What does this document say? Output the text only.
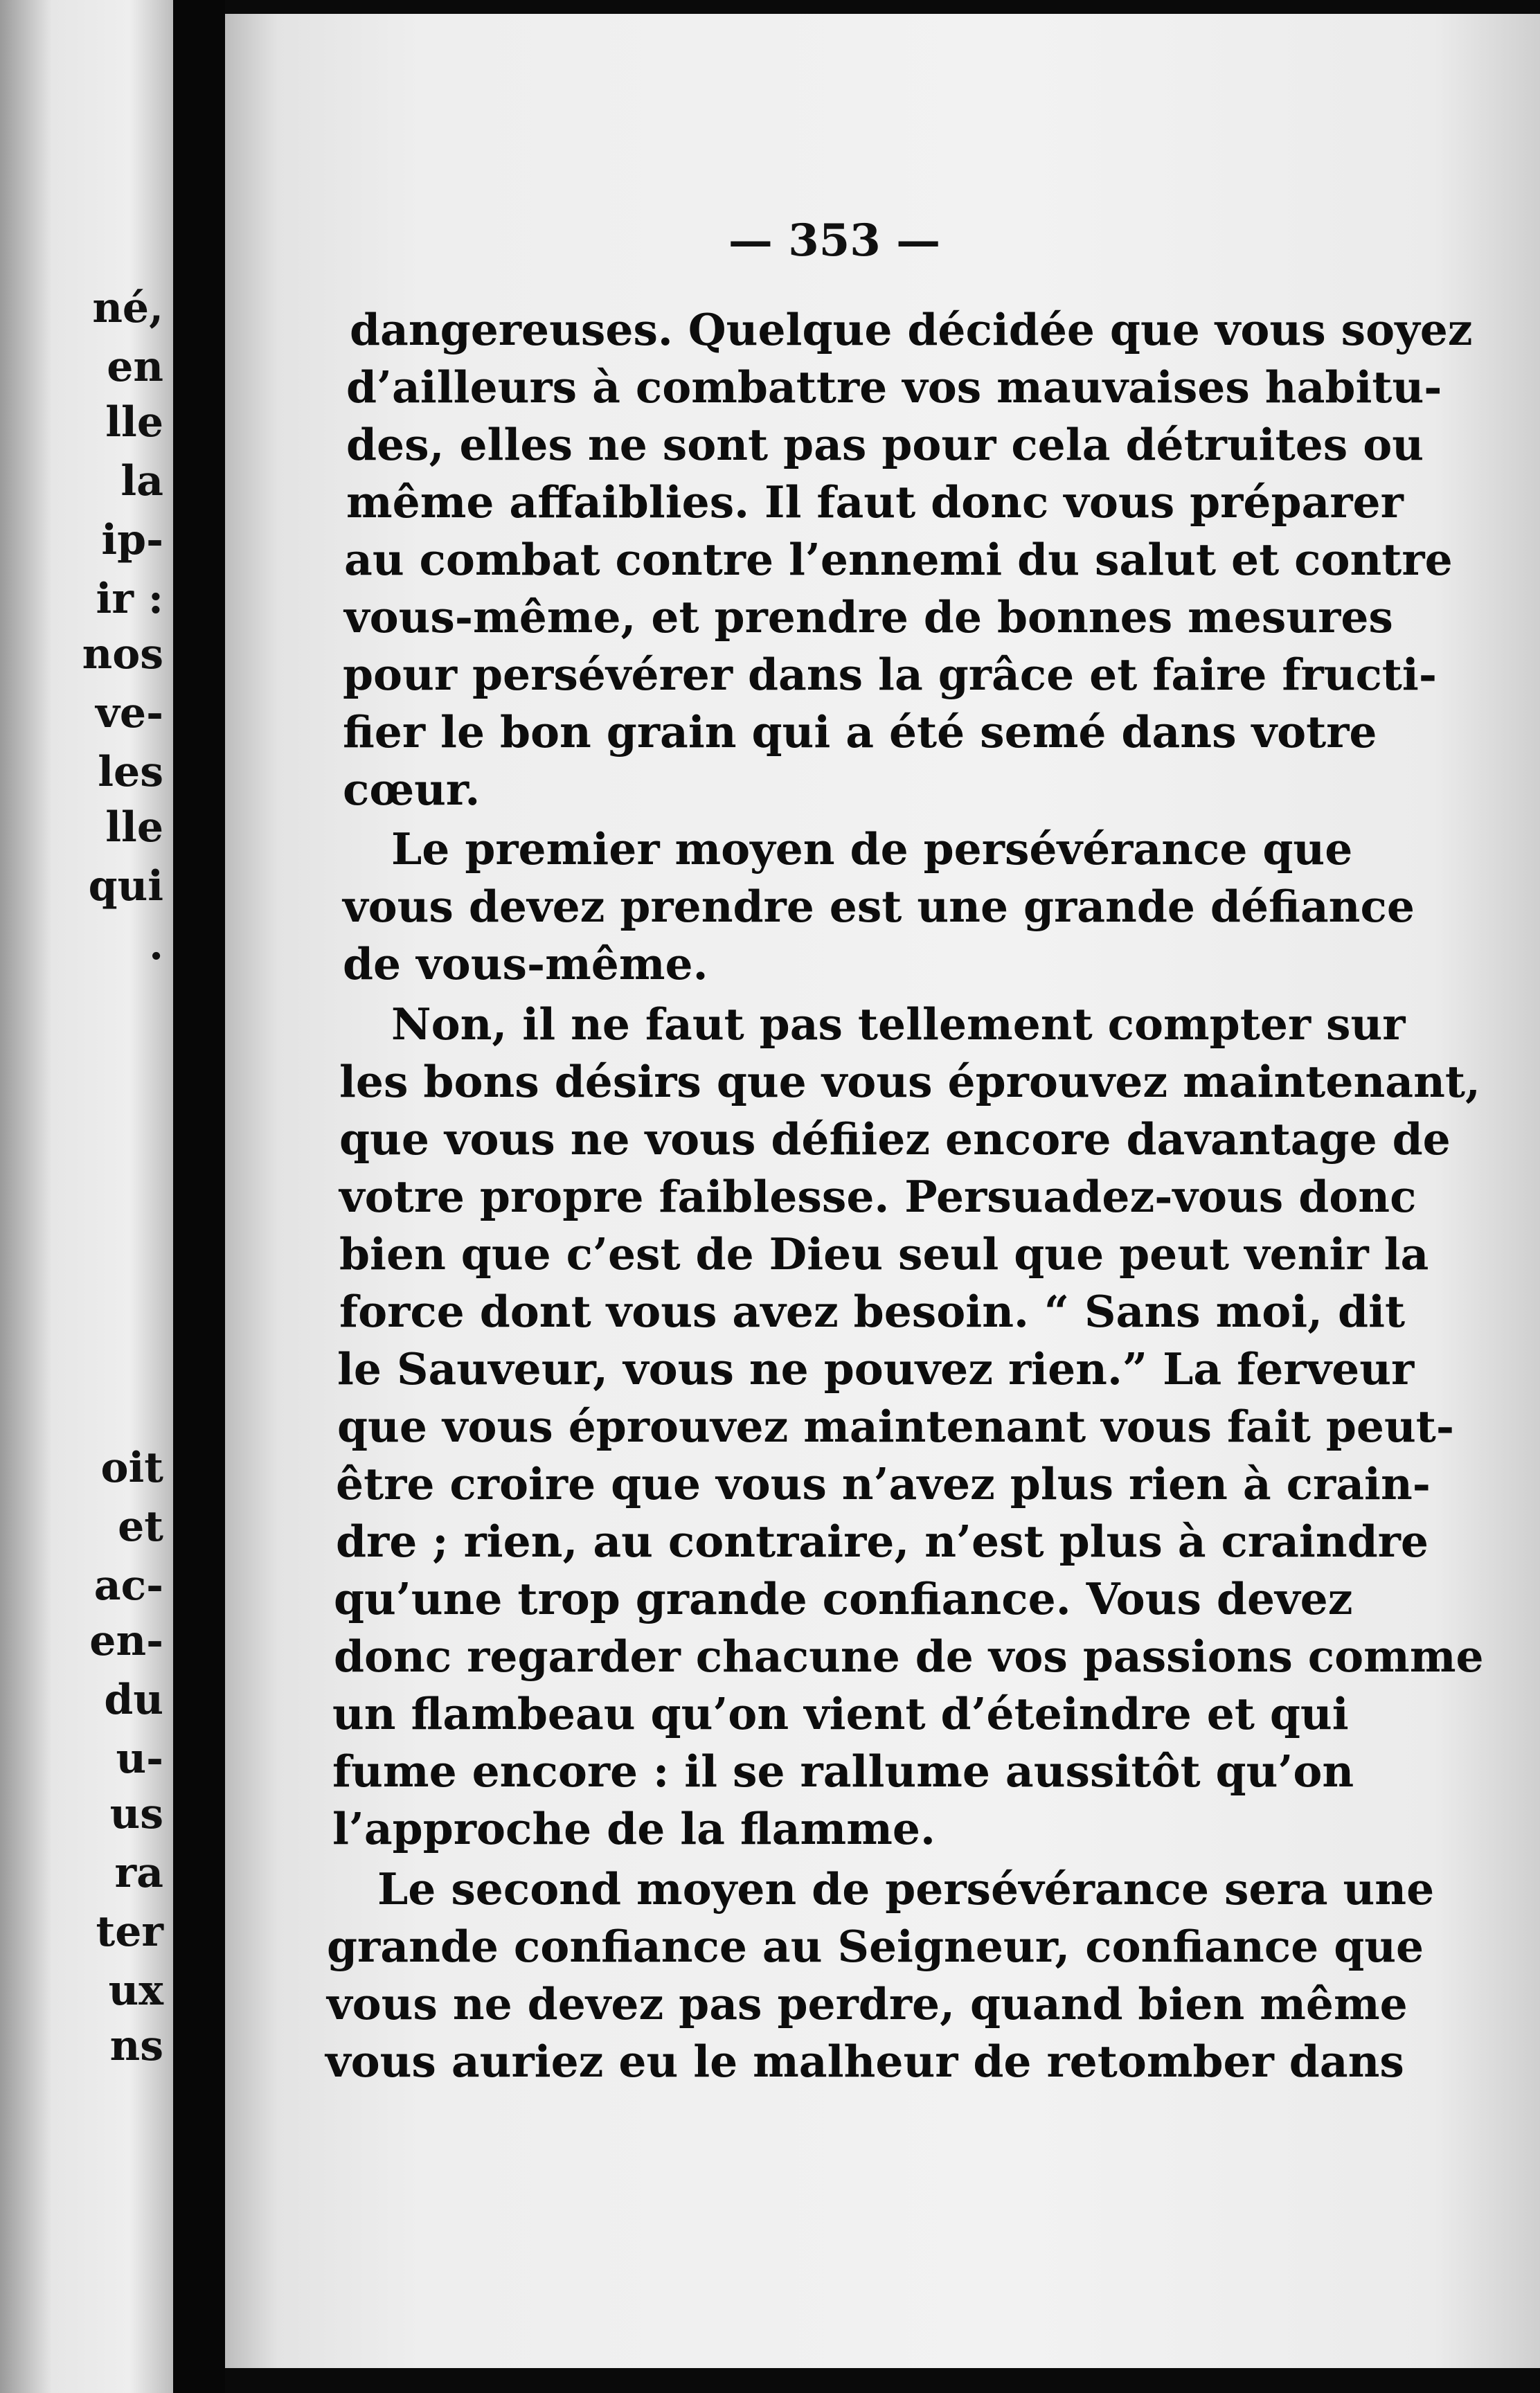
né,
en
lle
la
ip-
ir :
nos
ve-
les
lle
qui
.
oit
et
ac-
en-
du
u-
us
ra
ter
ux
ns
— 353 —
dangereuses. Quelque décidée que vous soyez
d’ailleurs à combattre vos mauvaises habitu-
des, elles ne sont pas pour cela détruites ou
même affaiblies. Il faut donc vous préparer
au combat contre l’ennemi du salut et contre
vous-même, et prendre de bonnes mesures
pour persévérer dans la grâce et faire fructi-
fier le bon grain qui a été semé dans votre
cœur.
Le premier moyen de persévérance que
vous devez prendre est une grande défiance
de vous-même.
Non, il ne faut pas tellement compter sur
les bons désirs que vous éprouvez maintenant,
que vous ne vous défiiez encore davantage de
votre propre faiblesse. Persuadez-vous donc
bien que c’est de Dieu seul que peut venir la
force dont vous avez besoin. “ Sans moi, dit
le Sauveur, vous ne pouvez rien.” La ferveur
que vous éprouvez maintenant vous fait peut-
être croire que vous n’avez plus rien à crain-
dre ; rien, au contraire, n’est plus à craindre
qu’une trop grande confiance. Vous devez
donc regarder chacune de vos passions comme
un flambeau qu’on vient d’éteindre et qui
fume encore : il se rallume aussitôt qu’on
l’approche de la flamme.
Le second moyen de persévérance sera une
grande confiance au Seigneur, confiance que
vous ne devez pas perdre, quand bien même
vous auriez eu le malheur de retomber dans
